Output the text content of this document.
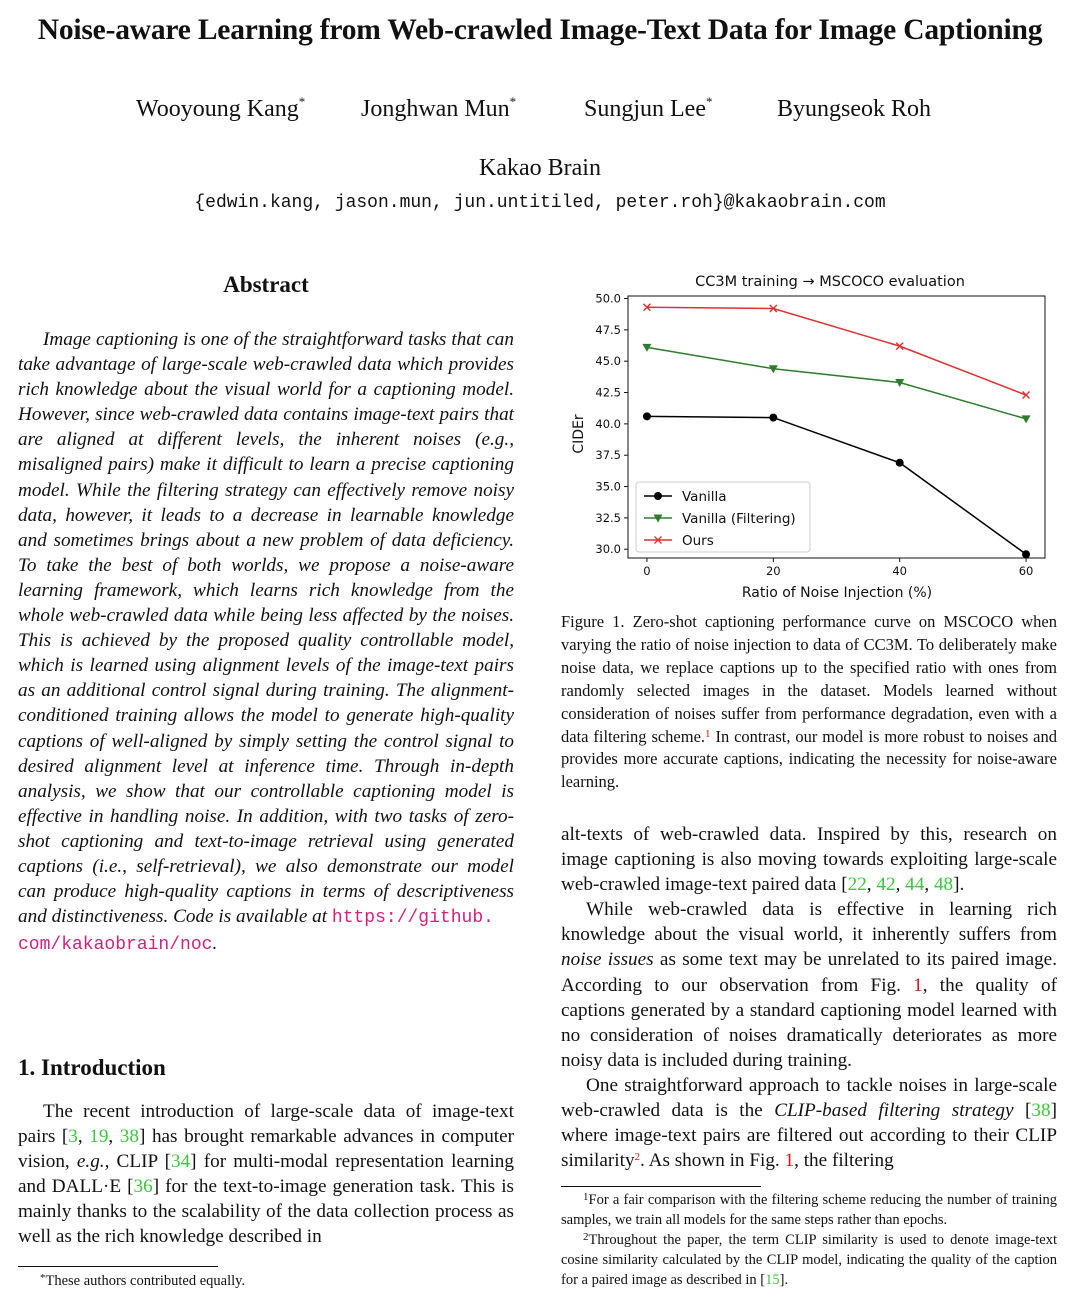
Noise-aware Learning from Web-crawled Image-Text Data for Image Captioning
Wooyoung Kang* Jonghwan Mun*	Sungjun Lee*	Byungseok Roh
Kakao Brain
{edwin.kang, jason.mun, jun.untitiled, peter.roh}@kakaobrain.com
Abstract

Image captioning is one of the straightforward tasks that can take advantage of large-scale web-crawled data which provides rich knowledge about the visual world for a captioning model. However, since web-crawled data contains image-text pairs that are aligned at different levels, the inherent noises (e.g., misaligned pairs) make it difficult to learn a precise captioning model. While the filtering strategy can effectively remove noisy data, however, it leads to a decrease in learnable knowledge and sometimes brings about a new problem of data deficiency. To take the best of both worlds, we propose a noise-aware learning framework, which learns rich knowledge from the whole web-crawled data while being less affected by the noises. This is achieved by the proposed quality controllable model, which is learned using alignment levels of the image-text pairs as an additional control signal during training. The alignment-conditioned training allows the model to generate high-quality captions of well-aligned by simply setting the control signal to desired alignment level at inference time. Through in-depth analysis, we show that our controllable captioning model is effective in handling noise. In addition, with two tasks of zero-shot captioning and text-to-image retrieval using generated captions (i.e., self-retrieval), we also demonstrate our model can produce high-quality captions in terms of descriptiveness and distinctiveness. Code is available at https://github.
com/kakaobrain/noc.

1. Introduction

The recent introduction of large-scale data of image-text pairs [3, 19, 38] has brought remarkable advances in computer vision, e.g., CLIP [34] for multi-modal representation learning and DALL·E [36] for the text-to-image generation task. This is mainly thanks to the scalability of the data collection process as well as the rich knowledge described in

*These authors contributed equally.
CC3M training → MSCOCO evaluation
Ratio of Noise Injection (%)
CIDEr
30.0
32.5
35.0
37.5
40.0
42.5
45.0
47.5
50.0
0	20	40	60
Vanilla
Vanilla (Filtering)
Ours
Figure 1. Zero-shot captioning performance curve on MSCOCO when varying the ratio of noise injection to data of CC3M. To deliberately make noise data, we replace captions up to the specified ratio with ones from randomly selected images in the dataset. Models learned without consideration of noises suffer from performance degradation, even with a data filtering scheme.$^1$ In contrast, our model is more robust to noises and provides more accurate captions, indicating the necessity for noise-aware learning.

alt-texts of web-crawled data. Inspired by this, research on image captioning is also moving towards exploiting large-scale web-crawled image-text paired data [22, 42, 44, 48].

While web-crawled data is effective in learning rich knowledge about the visual world, it inherently suffers from noise issues as some text may be unrelated to its paired image. According to our observation from Fig. 1, the quality of captions generated by a standard captioning model learned with no consideration of noises dramatically deteriorates as more noisy data is included during training.

One straightforward approach to tackle noises in large-scale web-crawled data is the CLIP-based filtering strategy [38] where image-text pairs are filtered out according to their CLIP similarity$^2$. As shown in Fig. 1, the filtering

$^1$For a fair comparison with the filtering scheme reducing the number of training samples, we train all models for the same steps rather than epochs.
$^2$Throughout the paper, the term CLIP similarity is used to denote image-text cosine similarity calculated by the CLIP model, indicating the quality of the caption for a paired image as described in [15].
